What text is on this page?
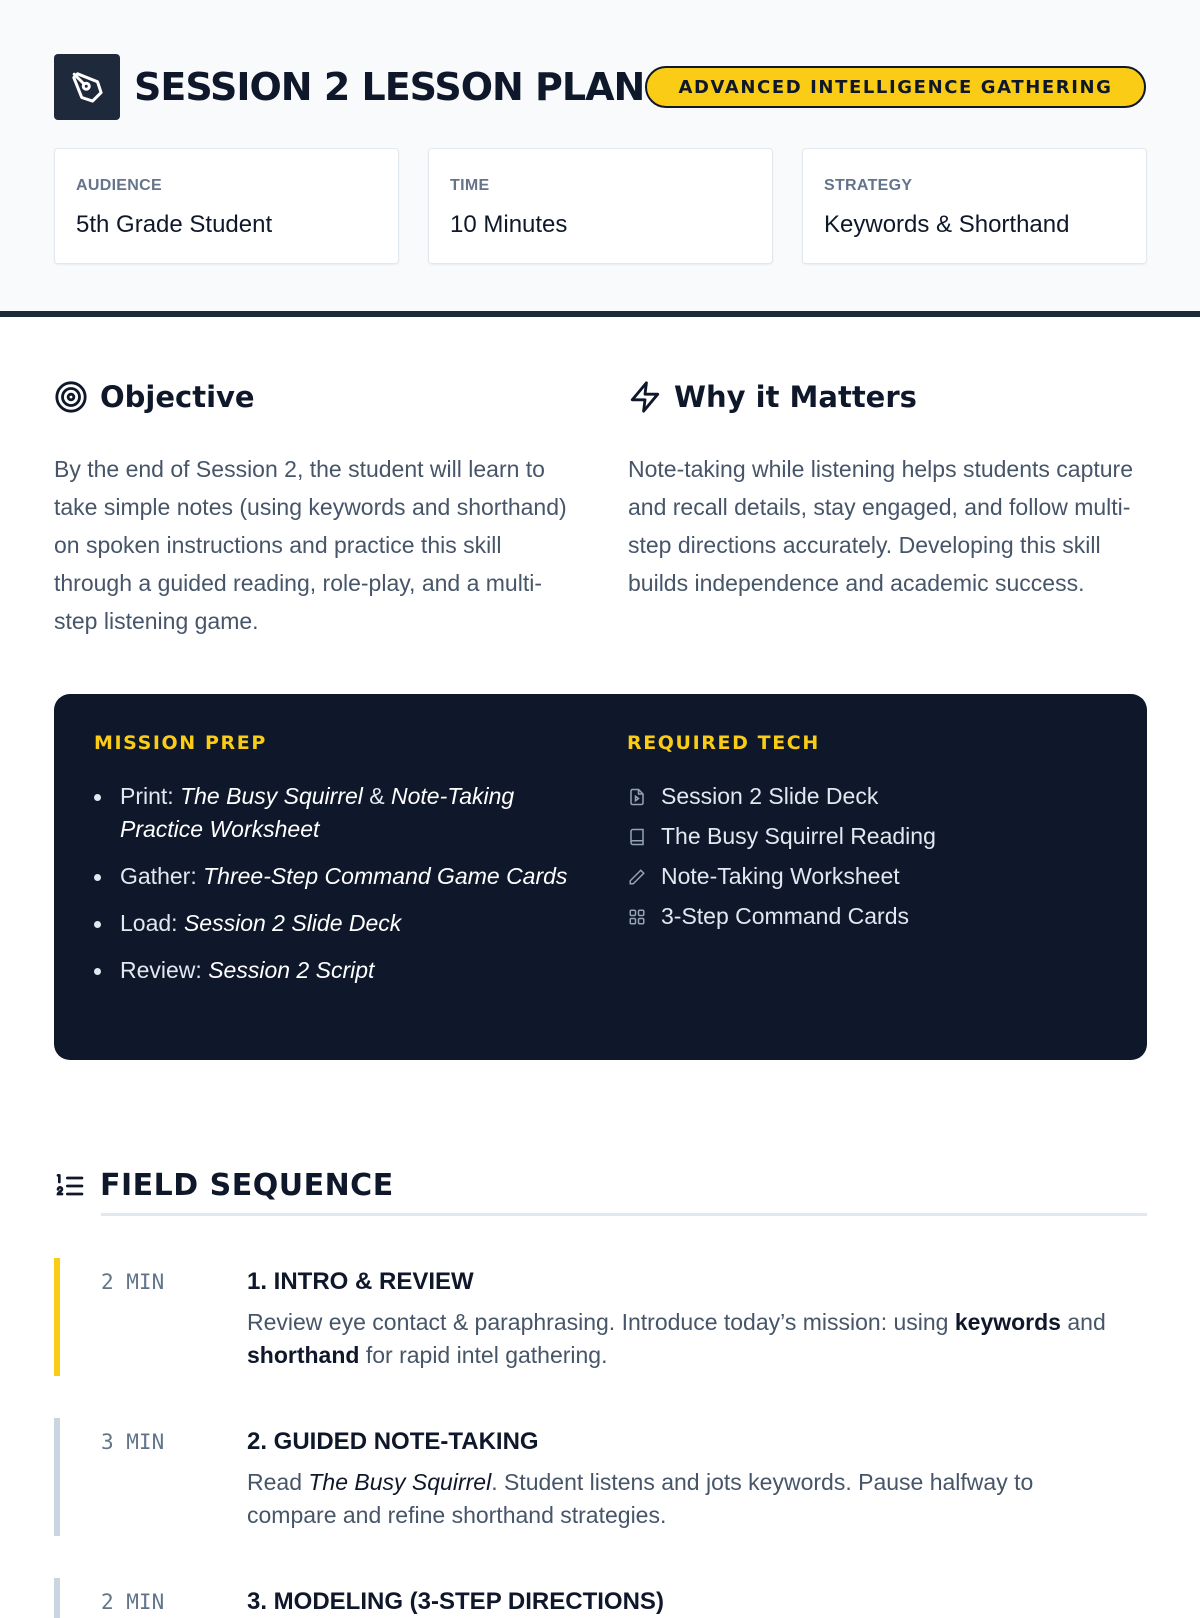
SESSION 2 LESSON PLAN	ADVANCED INTELLIGENCE GATHERING
AUDIENCE
5th Grade Student
TIME
10 Minutes
STRATEGY
Keywords & Shorthand
Objective
By the end of Session 2, the student will learn to take simple notes (using keywords and shorthand) on spoken instructions and practice this skill through a guided reading, role-play, and a multi-step listening game.
Why it Matters
Note-taking while listening helps students capture and recall details, stay engaged, and follow multi-step directions accurately. Developing this skill builds independence and academic success.
MISSION PREP
Print: The Busy Squirrel & Note-Taking Practice Worksheet
Gather: Three-Step Command Game Cards
Load: Session 2 Slide Deck
Review: Session 2 Script
REQUIRED TECH
Session 2 Slide Deck
The Busy Squirrel Reading
Note-Taking Worksheet
3-Step Command Cards
FIELD SEQUENCE
2 MIN	1. INTRO & REVIEW
Review eye contact & paraphrasing. Introduce today’s mission: using keywords and shorthand for rapid intel gathering.
3 MIN	2. GUIDED NOTE-TAKING
Read The Busy Squirrel. Student listens and jots keywords. Pause halfway to compare and refine shorthand strategies.
2 MIN	3. MODELING (3-STEP DIRECTIONS)
